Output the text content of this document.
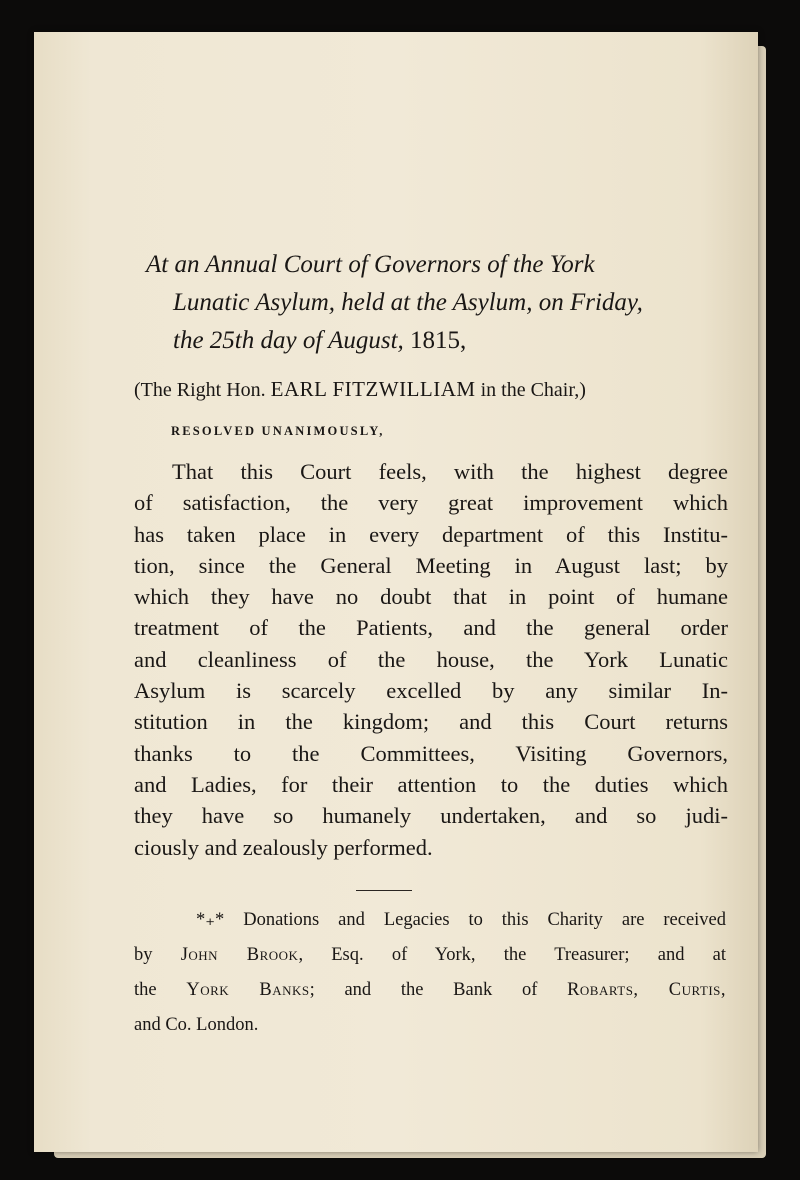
At an Annual Court of Governors of the York
Lunatic Asylum, held at the Asylum, on Friday,
the 25th day of August, 1815,
(The Right Hon. EARL FITZWILLIAM in the Chair,)
RESOLVED UNANIMOUSLY,

That this Court feels, with the highest degree
of satisfaction, the very great improvement which
has taken place in every department of this Institu-
tion, since the General Meeting in August last; by
which they have no doubt that in point of humane
treatment of the Patients, and the general order
and cleanliness of the house, the York Lunatic
Asylum is scarcely excelled by any similar In-
stitution in the kingdom; and this Court returns
thanks to the Committees, Visiting Governors,
and Ladies, for their attention to the duties which
they have so humanely undertaken, and so judi-
ciously and zealously performed.

*₊* Donations and Legacies to this Charity are received
by John Brook, Esq. of York, the Treasurer; and at
the York Banks; and the Bank of Robarts, Curtis,
and Co. London.
